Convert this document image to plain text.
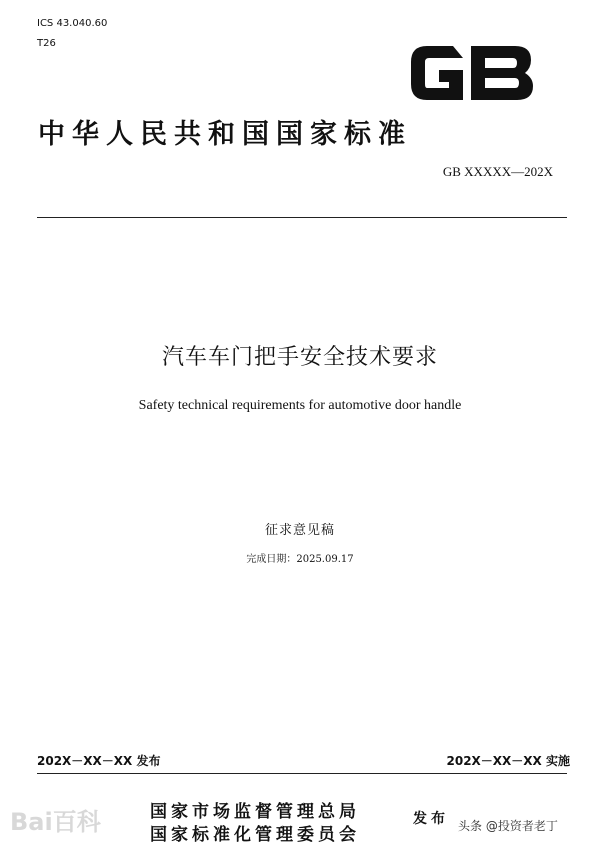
ICS 43.040.60
T26
GB
中华人民共和国国家标准
GB XXXXX—202X
汽车车门把手安全技术要求
Safety technical requirements for automotive door handle
征求意见稿
完成日期：2025.09.17
202X－XX－XX 发布	202X－XX－XX 实施
国家市场监督管理总局
国家标准化管理委员会
发布
Bai百科	头条 @投资者老丁
